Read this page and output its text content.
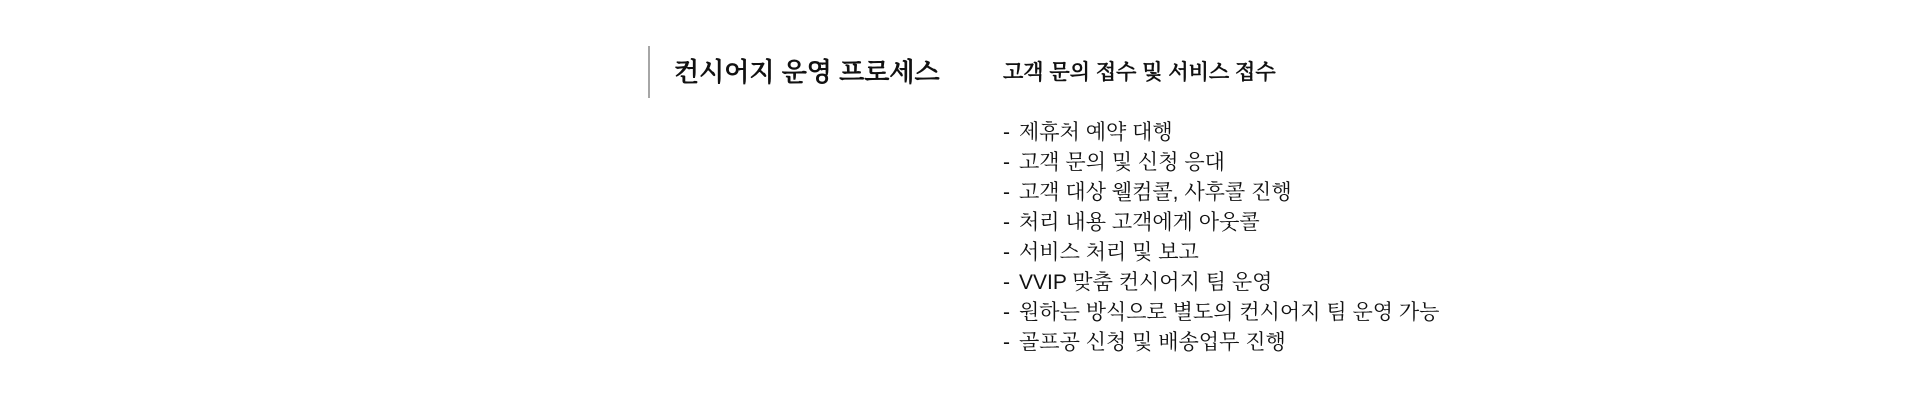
컨시어지 운영 프로세스	고객 문의 접수 및 서비스 접수
- 제휴처 예약 대행
- 고객 문의 및 신청 응대
- 고객 대상 웰컴콜, 사후콜 진행
- 처리 내용 고객에게 아웃콜
- 서비스 처리 및 보고
- VVIP 맞춤 컨시어지 팀 운영
- 원하는 방식으로 별도의 컨시어지 팀 운영 가능
- 골프공 신청 및 배송업무 진행
